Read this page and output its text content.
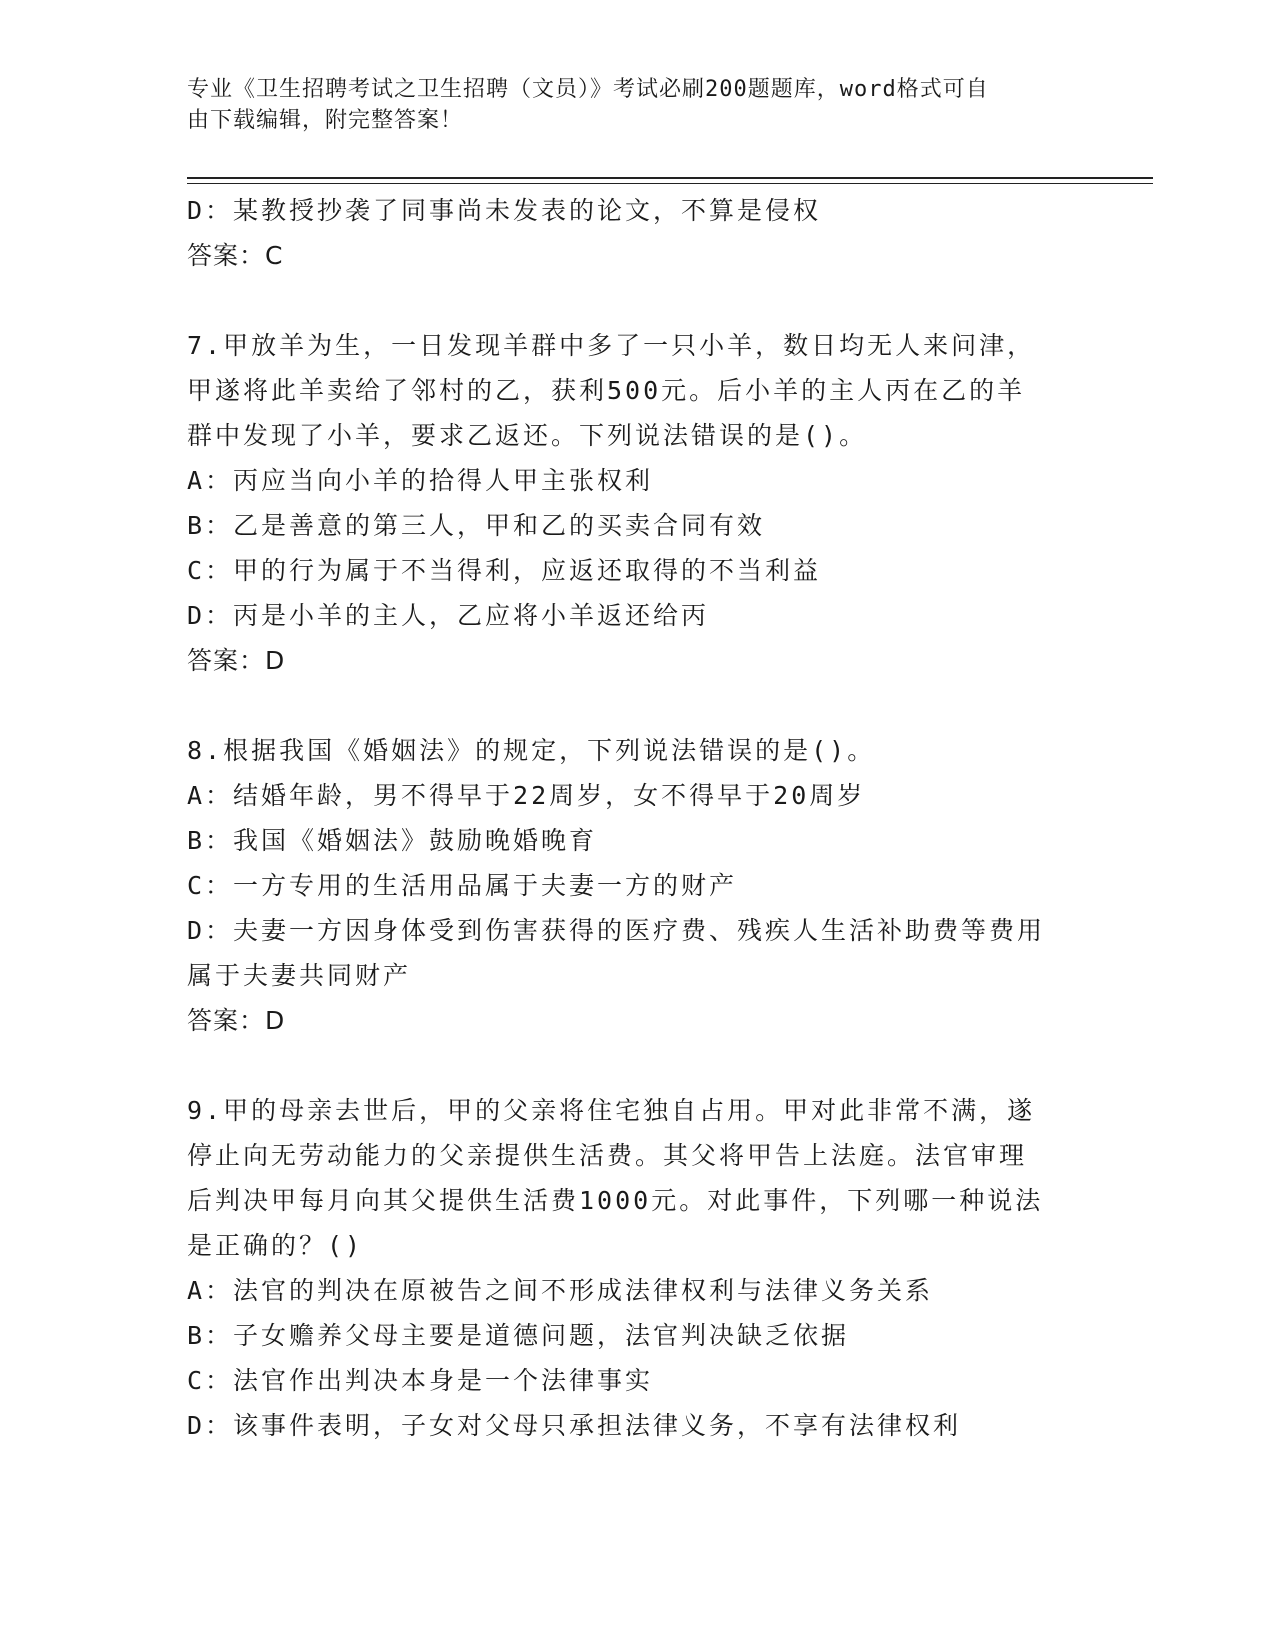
专业《卫生招聘考试之卫生招聘（文员）》考试必刷200题题库，word格式可自
由下载编辑，附完整答案！
D：某教授抄袭了同事尚未发表的论文，不算是侵权
答案：C
7.甲放羊为生，一日发现羊群中多了一只小羊，数日均无人来问津，
甲遂将此羊卖给了邻村的乙，获利500元。后小羊的主人丙在乙的羊
群中发现了小羊，要求乙返还。下列说法错误的是()。
A：丙应当向小羊的拾得人甲主张权利
B：乙是善意的第三人，甲和乙的买卖合同有效
C：甲的行为属于不当得利，应返还取得的不当利益
D：丙是小羊的主人，乙应将小羊返还给丙
答案：D
8.根据我国《婚姻法》的规定，下列说法错误的是()。
A：结婚年龄，男不得早于22周岁，女不得早于20周岁
B：我国《婚姻法》鼓励晚婚晚育
C：一方专用的生活用品属于夫妻一方的财产
D：夫妻一方因身体受到伤害获得的医疗费、残疾人生活补助费等费用
属于夫妻共同财产
答案：D
9.甲的母亲去世后，甲的父亲将住宅独自占用。甲对此非常不满，遂
停止向无劳动能力的父亲提供生活费。其父将甲告上法庭。法官审理
后判决甲每月向其父提供生活费1000元。对此事件，下列哪一种说法
是正确的？()
A：法官的判决在原被告之间不形成法律权利与法律义务关系
B：子女赡养父母主要是道德问题，法官判决缺乏依据
C：法官作出判决本身是一个法律事实
D：该事件表明，子女对父母只承担法律义务，不享有法律权利
